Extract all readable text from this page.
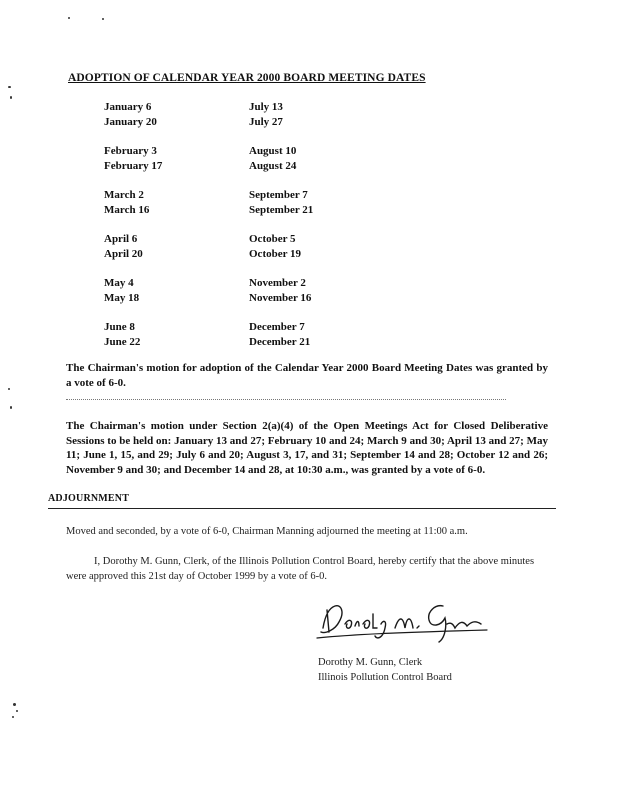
ADOPTION OF CALENDAR YEAR 2000 BOARD MEETING DATES
January 6	July 13
January 20	July 27
February 3	August 10
February 17	August 24
March 2	September 7
March 16	September 21
April 6	October 5
April 20	October 19
May 4	November 2
May 18	November 16
June 8	December 7
June 22	December 21
The Chairman's motion for adoption of the Calendar Year 2000 Board Meeting Dates was granted by a vote of 6-0.
The Chairman's motion under Section 2(a)(4) of the Open Meetings Act for Closed Deliberative Sessions to be held on: January 13 and 27; February 10 and 24; March 9 and 30; April 13 and 27; May 11; June 1, 15, and 29; July 6 and 20; August 3, 17, and 31; September 14 and 28; October 12 and 26; November 9 and 30; and December 14 and 28, at 10:30 a.m., was granted by a vote of 6-0.
ADJOURNMENT
Moved and seconded, by a vote of 6-0, Chairman Manning adjourned the meeting at 11:00 a.m.
I, Dorothy M. Gunn, Clerk, of the Illinois Pollution Control Board, hereby certify that the above minutes were approved this 21st day of October 1999 by a vote of 6-0.
Dorothy M. Gunn, Clerk
Illinois Pollution Control Board
